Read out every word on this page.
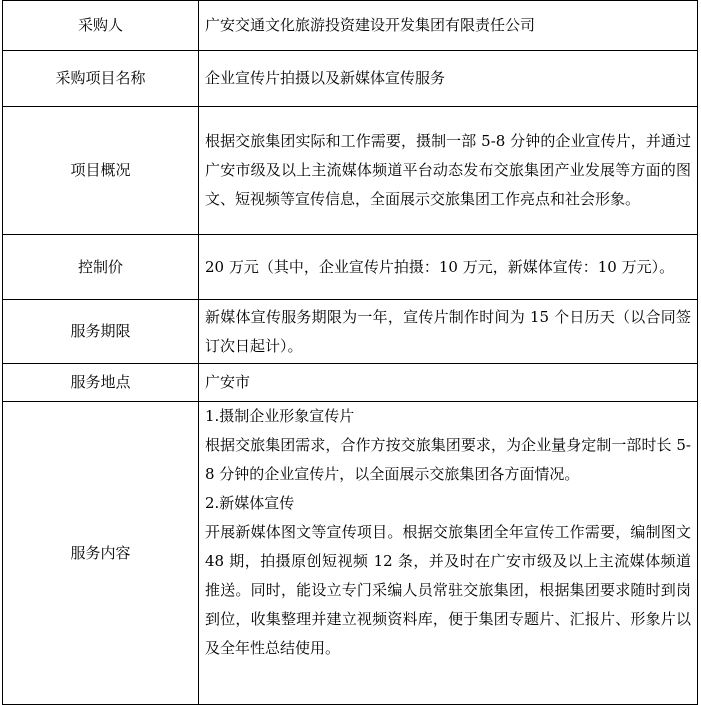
采购人	广安交通文化旅游投资建设开发集团有限责任公司
采购项目名称	企业宣传片拍摄以及新媒体宣传服务
项目概况	根据交旅集团实际和工作需要，摄制一部 5-8 分钟的企业宣传片，并通过广安市级及以上主流媒体频道平台动态发布交旅集团产业发展等方面的图文、短视频等宣传信息，全面展示交旅集团工作亮点和社会形象。
控制价	20 万元（其中，企业宣传片拍摄：10 万元，新媒体宣传：10 万元）。
服务期限	新媒体宣传服务期限为一年，宣传片制作时间为 15 个日历天（以合同签订次日起计）。
服务地点	广安市
服务内容	1.摄制企业形象宣传片
根据交旅集团需求，合作方按交旅集团要求，为企业量身定制一部时长 5-8 分钟的企业宣传片，以全面展示交旅集团各方面情况。
2.新媒体宣传
开展新媒体图文等宣传项目。根据交旅集团全年宣传工作需要，编制图文 48 期，拍摄原创短视频 12 条，并及时在广安市级及以上主流媒体频道推送。同时，能设立专门采编人员常驻交旅集团，根据集团要求随时到岗到位，收集整理并建立视频资料库，便于集团专题片、汇报片、形象片以及全年性总结使用。
